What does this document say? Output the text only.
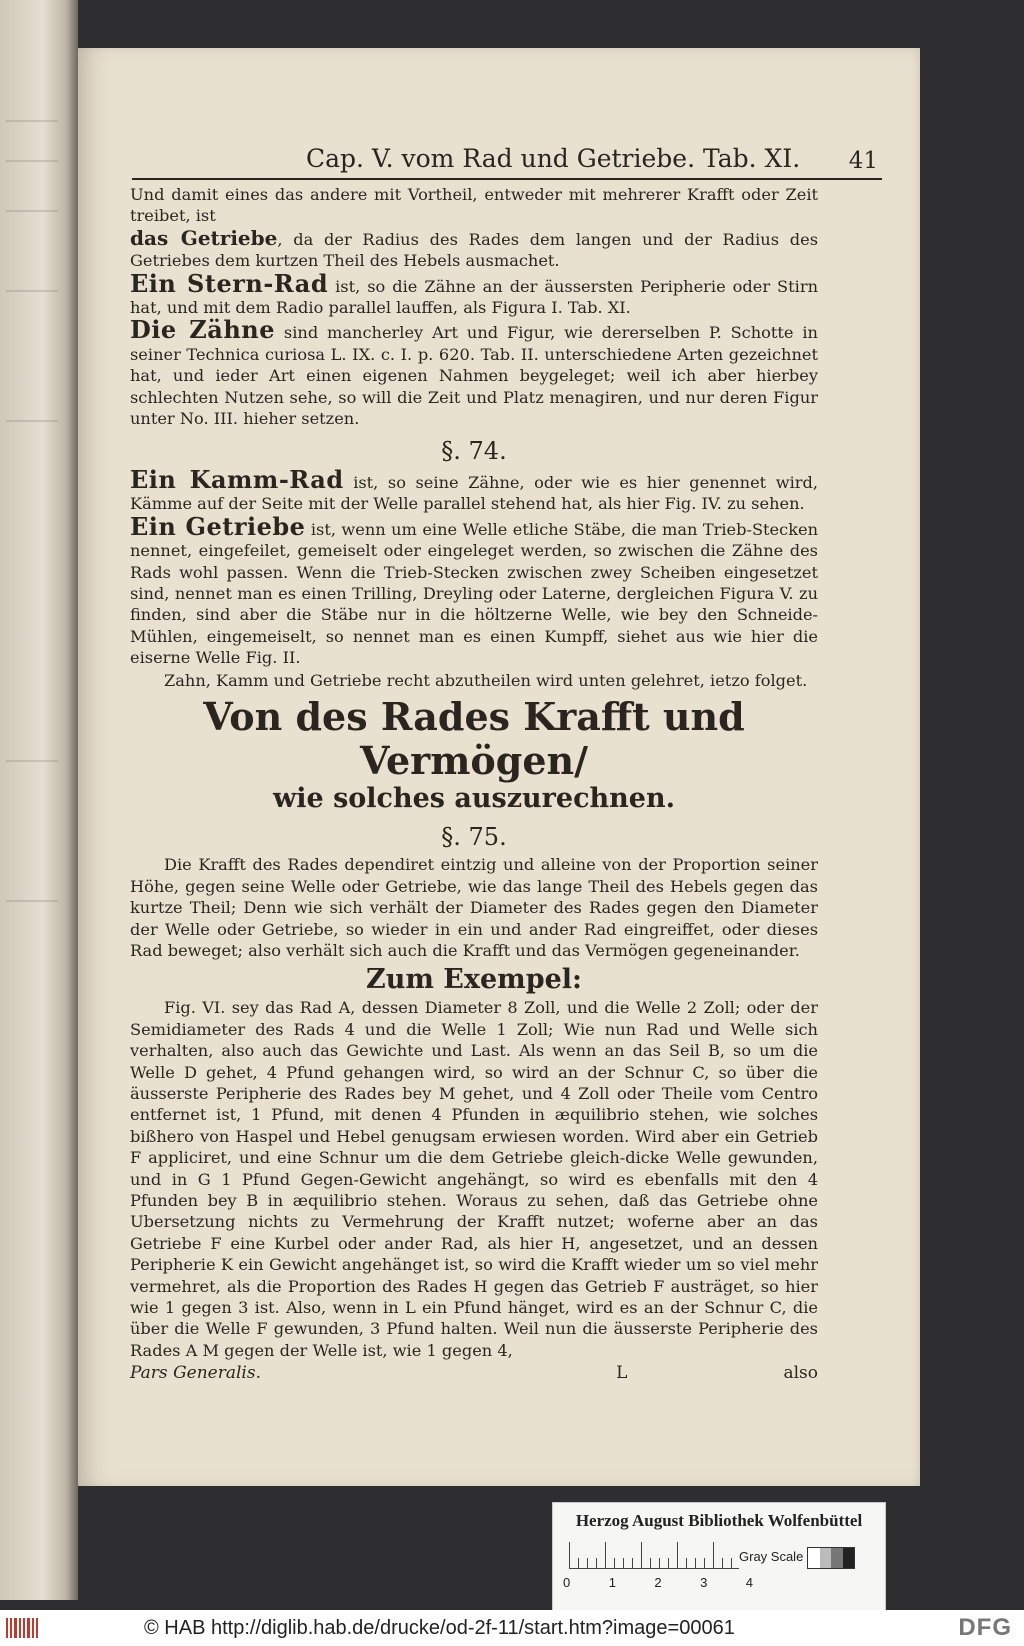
Cap. V. vom Rad und Getriebe. Tab. XI. 41

Und damit eines das andere mit Vortheil, entweder mit mehrerer Krafft oder Zeit treibet, ist

das Getriebe, da der Radius des Rades dem langen und der Radius des Getriebes dem kurtzen Theil des Hebels ausmachet.

Ein Stern-Rad ist, so die Zähne an der äussersten Peripherie oder Stirn hat, und mit dem Radio parallel lauffen, als Figura I. Tab. XI.

Die Zähne sind mancherley Art und Figur, wie dererselben P. Schotte in seiner Technica curiosa L. IX. c. I. p. 620. Tab. II. unterschiedene Arten gezeichnet hat, und ieder Art einen eigenen Nahmen beygeleget; weil ich aber hierbey schlechten Nutzen sehe, so will die Zeit und Platz menagiren, und nur deren Figur unter No. III. hieher setzen.

§. 74.

Ein Kamm-Rad ist, so seine Zähne, oder wie es hier genennet wird, Kämme auf der Seite mit der Welle parallel stehend hat, als hier Fig. IV. zu sehen.

Ein Getriebe ist, wenn um eine Welle etliche Stäbe, die man Trieb-Stecken nennet, eingefeilet, gemeiselt oder eingeleget werden, so zwischen die Zähne des Rads wohl passen. Wenn die Trieb-Stecken zwischen zwey Scheiben eingesetzet sind, nennet man es einen Trilling, Dreyling oder Laterne, dergleichen Figura V. zu finden, sind aber die Stäbe nur in die höltzerne Welle, wie bey den Schneide-Mühlen, eingemeiselt, so nennet man es einen Kumpff, siehet aus wie hier die eiserne Welle Fig. II.

Zahn, Kamm und Getriebe recht abzutheilen wird unten gelehret, ietzo folget.

Von des Rades Krafft und Vermögen/
wie solches auszurechnen.
§. 75.

Die Krafft des Rades dependiret eintzig und alleine von der Proportion seiner Höhe, gegen seine Welle oder Getriebe, wie das lange Theil des Hebels gegen das kurtze Theil; Denn wie sich verhält der Diameter des Rades gegen den Diameter der Welle oder Getriebe, so wieder in ein und ander Rad eingreiffet, oder dieses Rad beweget; also verhält sich auch die Krafft und das Vermögen gegeneinander.

Zum Exempel:

Fig. VI. sey das Rad A, dessen Diameter 8 Zoll, und die Welle 2 Zoll; oder der Semidiameter des Rads 4 und die Welle 1 Zoll; Wie nun Rad und Welle sich verhalten, also auch das Gewichte und Last. Als wenn an das Seil B, so um die Welle D gehet, 4 Pfund gehangen wird, so wird an der Schnur C, so über die äusserste Peripherie des Rades bey M gehet, und 4 Zoll oder Theile vom Centro entfernet ist, 1 Pfund, mit denen 4 Pfunden in æquilibrio stehen, wie solches bißhero von Haspel und Hebel genugsam erwiesen worden. Wird aber ein Getrieb F appliciret, und eine Schnur um die dem Getriebe gleich-dicke Welle gewunden, und in G 1 Pfund Gegen-Gewicht angehängt, so wird es ebenfalls mit den 4 Pfunden bey B in æquilibrio stehen. Woraus zu sehen, daß das Getriebe ohne Ubersetzung nichts zu Vermehrung der Krafft nutzet; woferne aber an das Getriebe F eine Kurbel oder ander Rad, als hier H, angesetzet, und an dessen Peripherie K ein Gewicht angehänget ist, so wird die Krafft wieder um so viel mehr vermehret, als die Proportion des Rades H gegen das Getrieb F austräget, so hier wie 1 gegen 3 ist. Also, wenn in L ein Pfund hänget, wird es an der Schnur C, die über die Welle F gewunden, 3 Pfund halten. Weil nun die äusserste Peripherie des Rades A M gegen der Welle ist, wie 1 gegen 4,

Pars Generalis.	L	also
Herzog August Bibliothek Wolfenbüttel
0	1	2	3	4
Gray Scale
© HAB http://diglib.hab.de/drucke/od-2f-11/start.htm?image=00061	DFG
